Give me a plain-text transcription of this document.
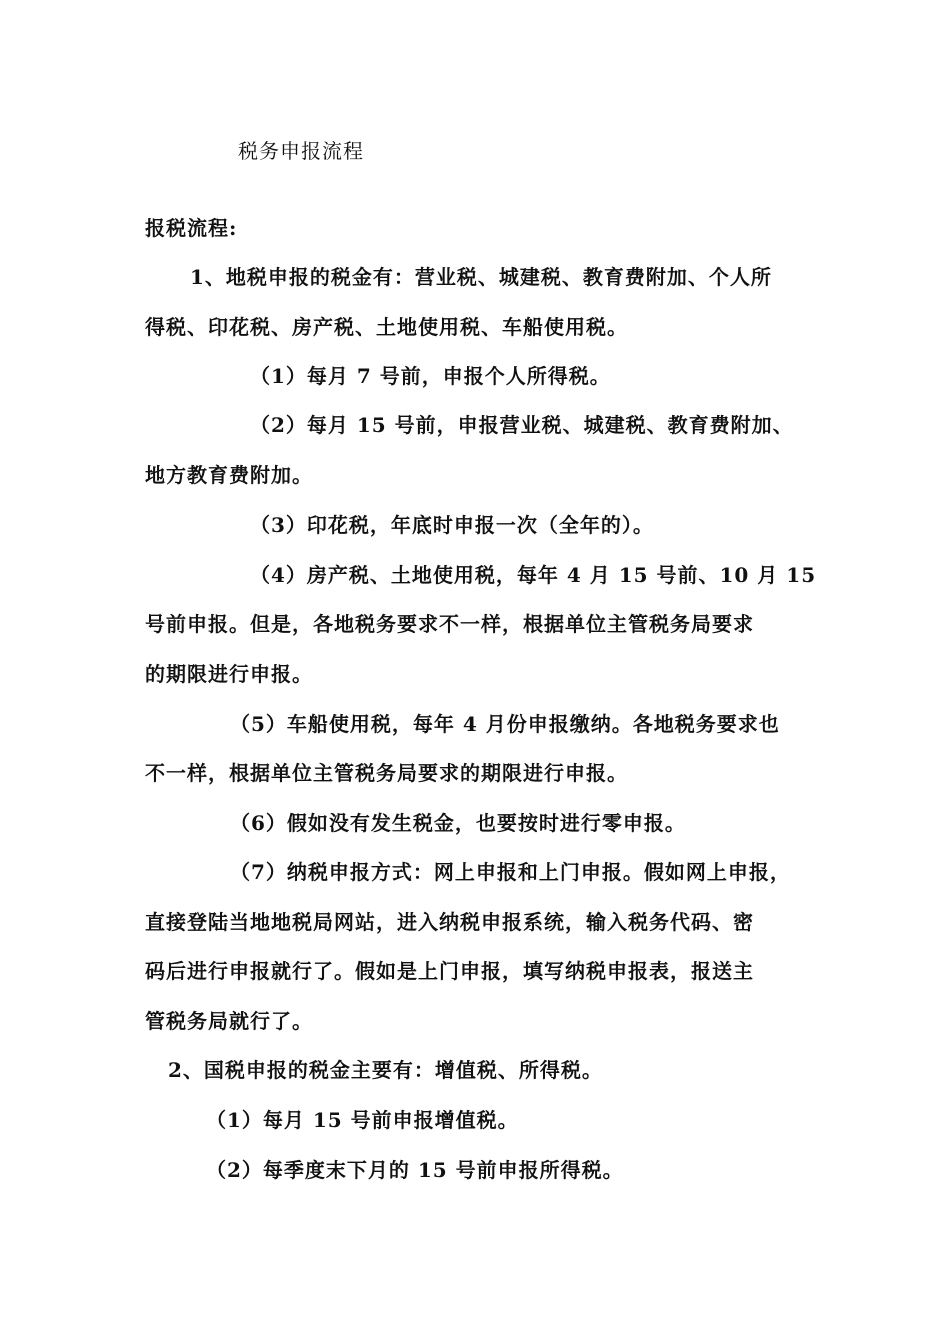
税务申报流程
报税流程:
1、地税申报的税金有：营业税、城建税、教育费附加、个人所
得税、印花税、房产税、土地使用税、车船使用税。
（1）每月 7 号前，申报个人所得税。
（2）每月 15 号前，申报营业税、城建税、教育费附加、
地方教育费附加。
（3）印花税，年底时申报一次（全年的）。
（4）房产税、土地使用税，每年 4 月 15 号前、10 月 15
号前申报。但是，各地税务要求不一样，根据单位主管税务局要求
的期限进行申报。
（5）车船使用税，每年 4 月份申报缴纳。各地税务要求也
不一样，根据单位主管税务局要求的期限进行申报。
（6）假如没有发生税金，也要按时进行零申报。
（7）纳税申报方式：网上申报和上门申报。假如网上申报，
直接登陆当地地税局网站，进入纳税申报系统，输入税务代码、密
码后进行申报就行了。假如是上门申报，填写纳税申报表，报送主
管税务局就行了。
2、国税申报的税金主要有：增值税、所得税。
（1）每月 15 号前申报增值税。
（2）每季度末下月的 15 号前申报所得税。
